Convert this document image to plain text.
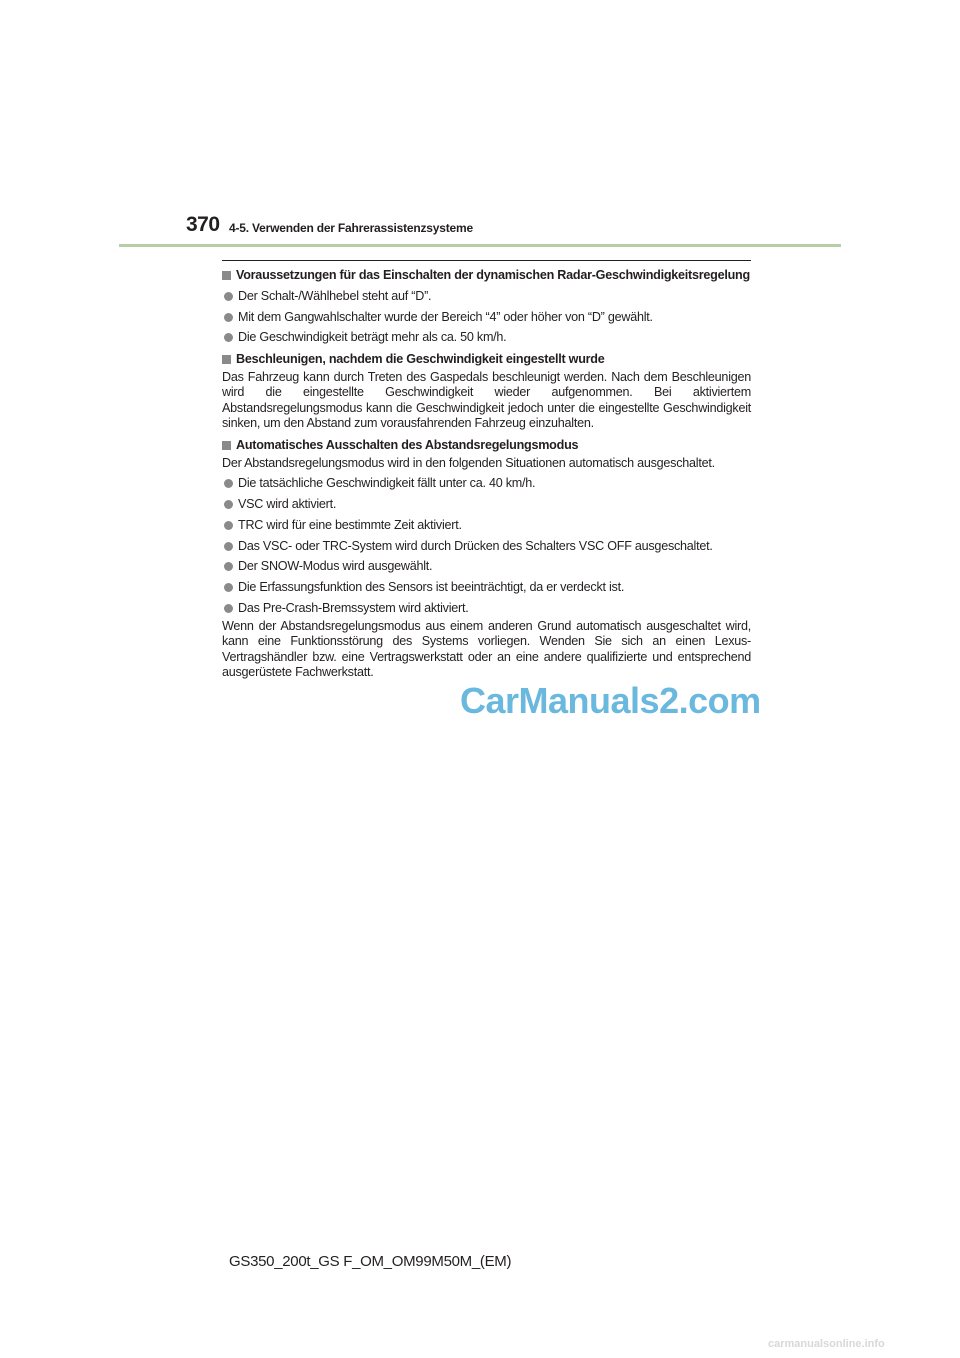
370 4-5. Verwenden der Fahrerassistenzsysteme
Voraussetzungen für das Einschalten der dynamischen Radar-Geschwindigkeitsregelung
Der Schalt-/Wählhebel steht auf “D”.
Mit dem Gangwahlschalter wurde der Bereich “4” oder höher von “D” gewählt.
Die Geschwindigkeit beträgt mehr als ca. 50 km/h.
Beschleunigen, nachdem die Geschwindigkeit eingestellt wurde
Das Fahrzeug kann durch Treten des Gaspedals beschleunigt werden. Nach dem Beschleunigen wird die eingestellte Geschwindigkeit wieder aufgenommen. Bei aktiviertem Abstandsregelungsmodus kann die Geschwindigkeit jedoch unter die eingestellte Geschwindigkeit sinken, um den Abstand zum vorausfahrenden Fahrzeug einzuhalten.
Automatisches Ausschalten des Abstandsregelungsmodus
Der Abstandsregelungsmodus wird in den folgenden Situationen automatisch ausgeschaltet.
Die tatsächliche Geschwindigkeit fällt unter ca. 40 km/h.
VSC wird aktiviert.
TRC wird für eine bestimmte Zeit aktiviert.
Das VSC- oder TRC-System wird durch Drücken des Schalters VSC OFF ausgeschaltet.
Der SNOW-Modus wird ausgewählt.
Die Erfassungsfunktion des Sensors ist beeinträchtigt, da er verdeckt ist.
Das Pre-Crash-Bremssystem wird aktiviert.
Wenn der Abstandsregelungsmodus aus einem anderen Grund automatisch ausgeschaltet wird, kann eine Funktionsstörung des Systems vorliegen. Wenden Sie sich an einen Lexus-Vertragshändler bzw. eine Vertragswerkstatt oder an eine andere qualifizierte und entsprechend ausgerüstete Fachwerkstatt.
CarManuals2.com
GS350_200t_GS F_OM_OM99M50M_(EM)
carmanualsonline.info
